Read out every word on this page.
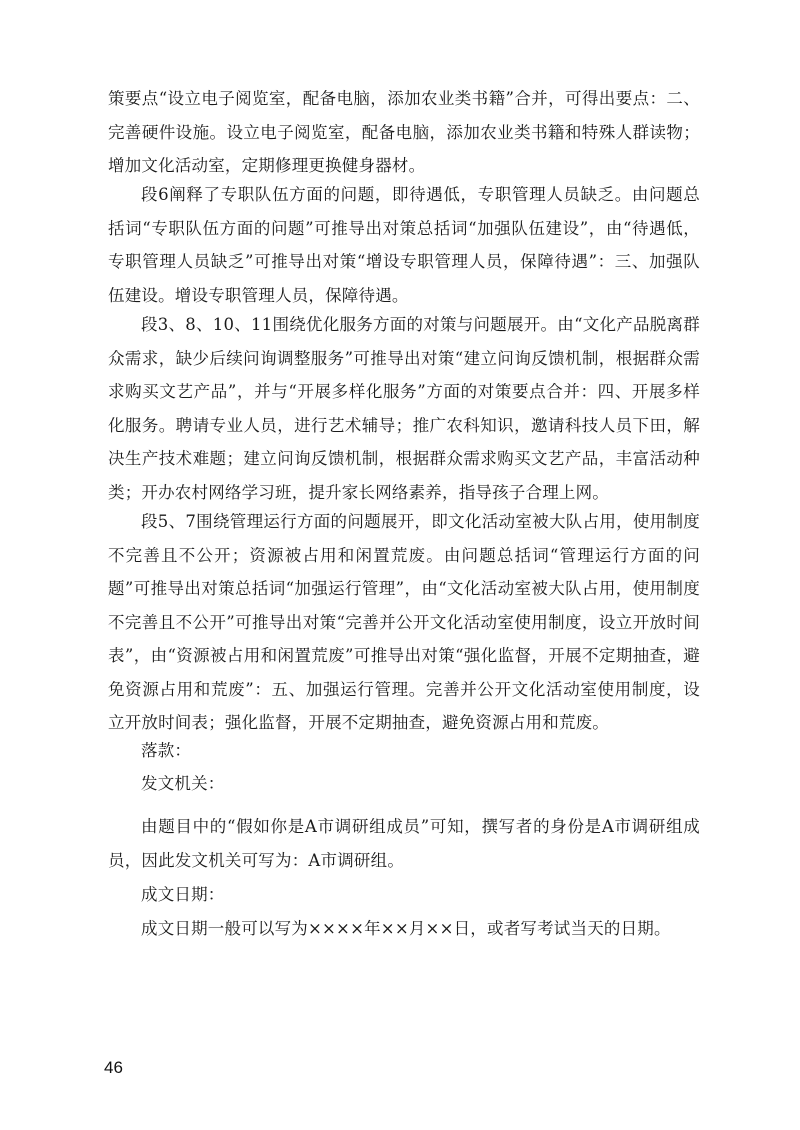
策要点“设立电子阅览室，配备电脑，添加农业类书籍”合并，可得出要点：二、完善硬件设施。设立电子阅览室，配备电脑，添加农业类书籍和特殊人群读物；增加文化活动室，定期修理更换健身器材。

段6阐释了专职队伍方面的问题，即待遇低，专职管理人员缺乏。由问题总括词“专职队伍方面的问题”可推导出对策总括词“加强队伍建设”，由“待遇低，专职管理人员缺乏”可推导出对策“增设专职管理人员，保障待遇”：三、加强队伍建设。增设专职管理人员，保障待遇。

段3、8、10、11围绕优化服务方面的对策与问题展开。由“文化产品脱离群众需求，缺少后续问询调整服务”可推导出对策“建立问询反馈机制，根据群众需求购买文艺产品”，并与“开展多样化服务”方面的对策要点合并：四、开展多样化服务。聘请专业人员，进行艺术辅导；推广农科知识，邀请科技人员下田，解决生产技术难题；建立问询反馈机制，根据群众需求购买文艺产品，丰富活动种类；开办农村网络学习班，提升家长网络素养，指导孩子合理上网。

段5、7围绕管理运行方面的问题展开，即文化活动室被大队占用，使用制度不完善且不公开；资源被占用和闲置荒废。由问题总括词“管理运行方面的问题”可推导出对策总括词“加强运行管理”，由“文化活动室被大队占用，使用制度不完善且不公开”可推导出对策“完善并公开文化活动室使用制度，设立开放时间表”，由“资源被占用和闲置荒废”可推导出对策“强化监督，开展不定期抽查，避免资源占用和荒废”：五、加强运行管理。完善并公开文化活动室使用制度，设立开放时间表；强化监督，开展不定期抽查，避免资源占用和荒废。

落款：

发文机关：

由题目中的“假如你是A市调研组成员”可知，撰写者的身份是A市调研组成员，因此发文机关可写为：A市调研组。

成文日期：

成文日期一般可以写为××××年××月××日，或者写考试当天的日期。

46
